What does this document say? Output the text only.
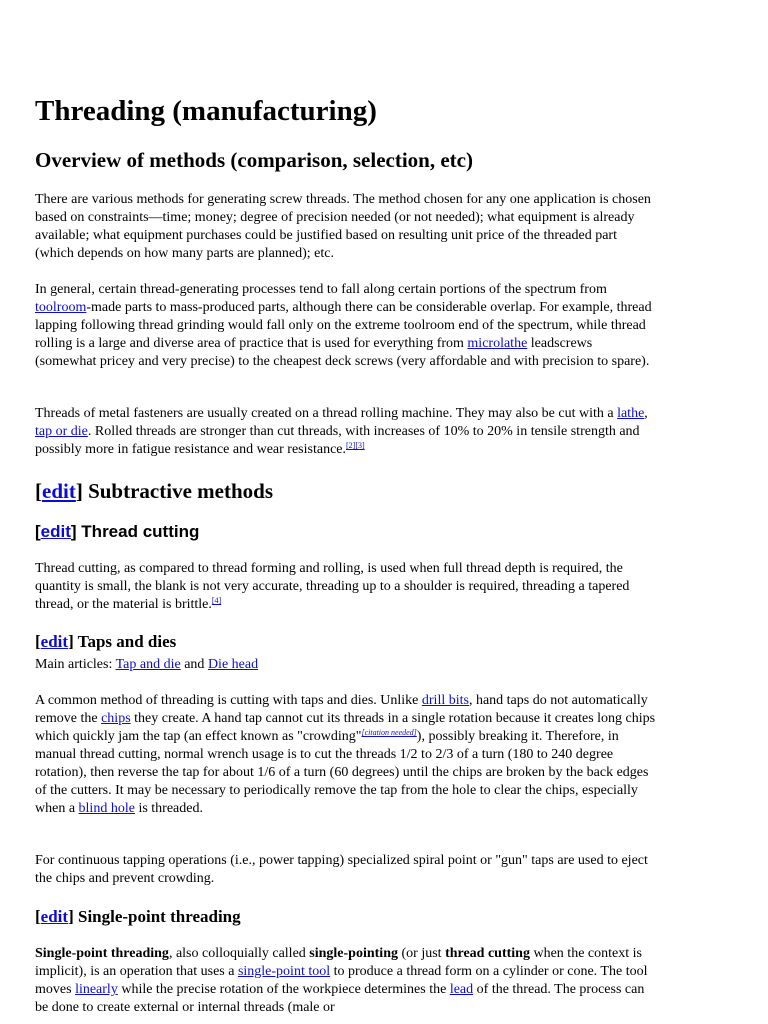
Threading (manufacturing)
Overview of methods (comparison, selection, etc)

There are various methods for generating screw threads. The method chosen for any one application is chosen based on constraints—time; money; degree of precision needed (or not needed); what equipment is already available; what equipment purchases could be justified based on resulting unit price of the threaded part (which depends on how many parts are planned); etc.

In general, certain thread-generating processes tend to fall along certain portions of the spectrum from toolroom-made parts to mass-produced parts, although there can be considerable overlap. For example, thread lapping following thread grinding would fall only on the extreme toolroom end of the spectrum, while thread rolling is a large and diverse area of practice that is used for everything from microlathe leadscrews (somewhat pricey and very precise) to the cheapest deck screws (very affordable and with precision to spare).

Threads of metal fasteners are usually created on a thread rolling machine. They may also be cut with a lathe, tap or die. Rolled threads are stronger than cut threads, with increases of 10% to 20% in tensile strength and possibly more in fatigue resistance and wear resistance.[2][3]

[edit] Subtractive methods
[edit] Thread cutting

Thread cutting, as compared to thread forming and rolling, is used when full thread depth is required, the quantity is small, the blank is not very accurate, threading up to a shoulder is required, threading a tapered thread, or the material is brittle.[4]

[edit] Taps and dies

Main articles: Tap and die and Die head

A common method of threading is cutting with taps and dies. Unlike drill bits, hand taps do not automatically remove the chips they create. A hand tap cannot cut its threads in a single rotation because it creates long chips which quickly jam the tap (an effect known as "crowding"[citation needed]), possibly breaking it. Therefore, in manual thread cutting, normal wrench usage is to cut the threads 1/2 to 2/3 of a turn (180 to 240 degree rotation), then reverse the tap for about 1/6 of a turn (60 degrees) until the chips are broken by the back edges of the cutters. It may be necessary to periodically remove the tap from the hole to clear the chips, especially when a blind hole is threaded.

For continuous tapping operations (i.e., power tapping) specialized spiral point or "gun" taps are used to eject the chips and prevent crowding.

[edit] Single-point threading

Single-point threading, also colloquially called single-pointing (or just thread cutting when the context is implicit), is an operation that uses a single-point tool to produce a thread form on a cylinder or cone. The tool moves linearly while the precise rotation of the workpiece determines the lead of the thread. The process can be done to create external or internal threads (male or
